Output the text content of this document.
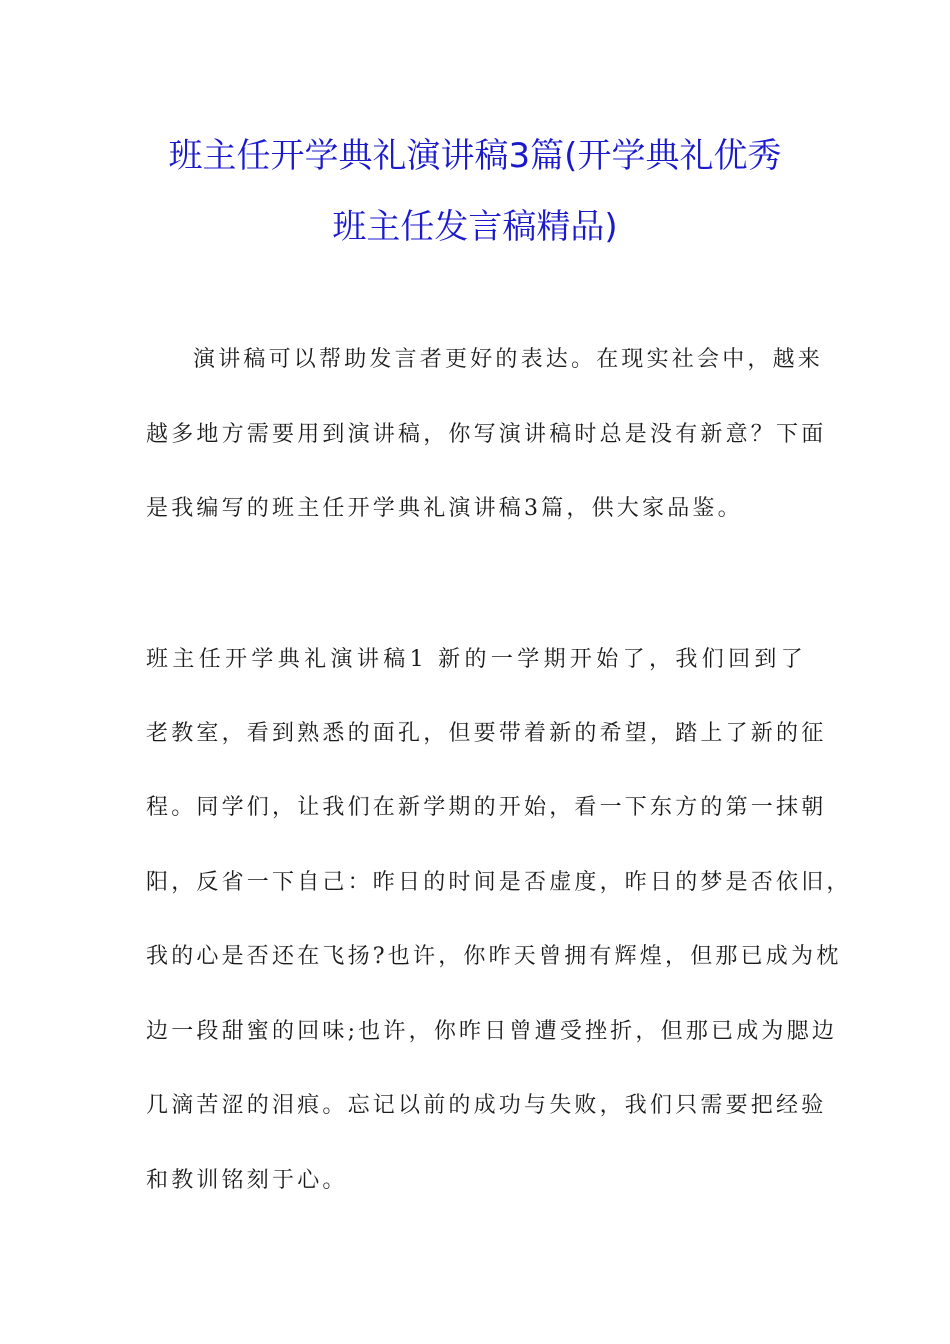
班主任开学典礼演讲稿3篇(开学典礼优秀
班主任发言稿精品)

演讲稿可以帮助发言者更好的表达。在现实社会中，越来

越多地方需要用到演讲稿，你写演讲稿时总是没有新意？下面

是我编写的班主任开学典礼演讲稿3篇，供大家品鉴。

班主任开学典礼演讲稿1 新的一学期开始了，我们回到了

老教室，看到熟悉的面孔，但要带着新的希望，踏上了新的征

程。同学们，让我们在新学期的开始，看一下东方的第一抹朝

阳，反省一下自己：昨日的时间是否虚度，昨日的梦是否依旧，

我的心是否还在飞扬?也许，你昨天曾拥有辉煌，但那已成为枕

边一段甜蜜的回味;也许，你昨日曾遭受挫折，但那已成为腮边

几滴苦涩的泪痕。忘记以前的成功与失败，我们只需要把经验

和教训铭刻于心。
